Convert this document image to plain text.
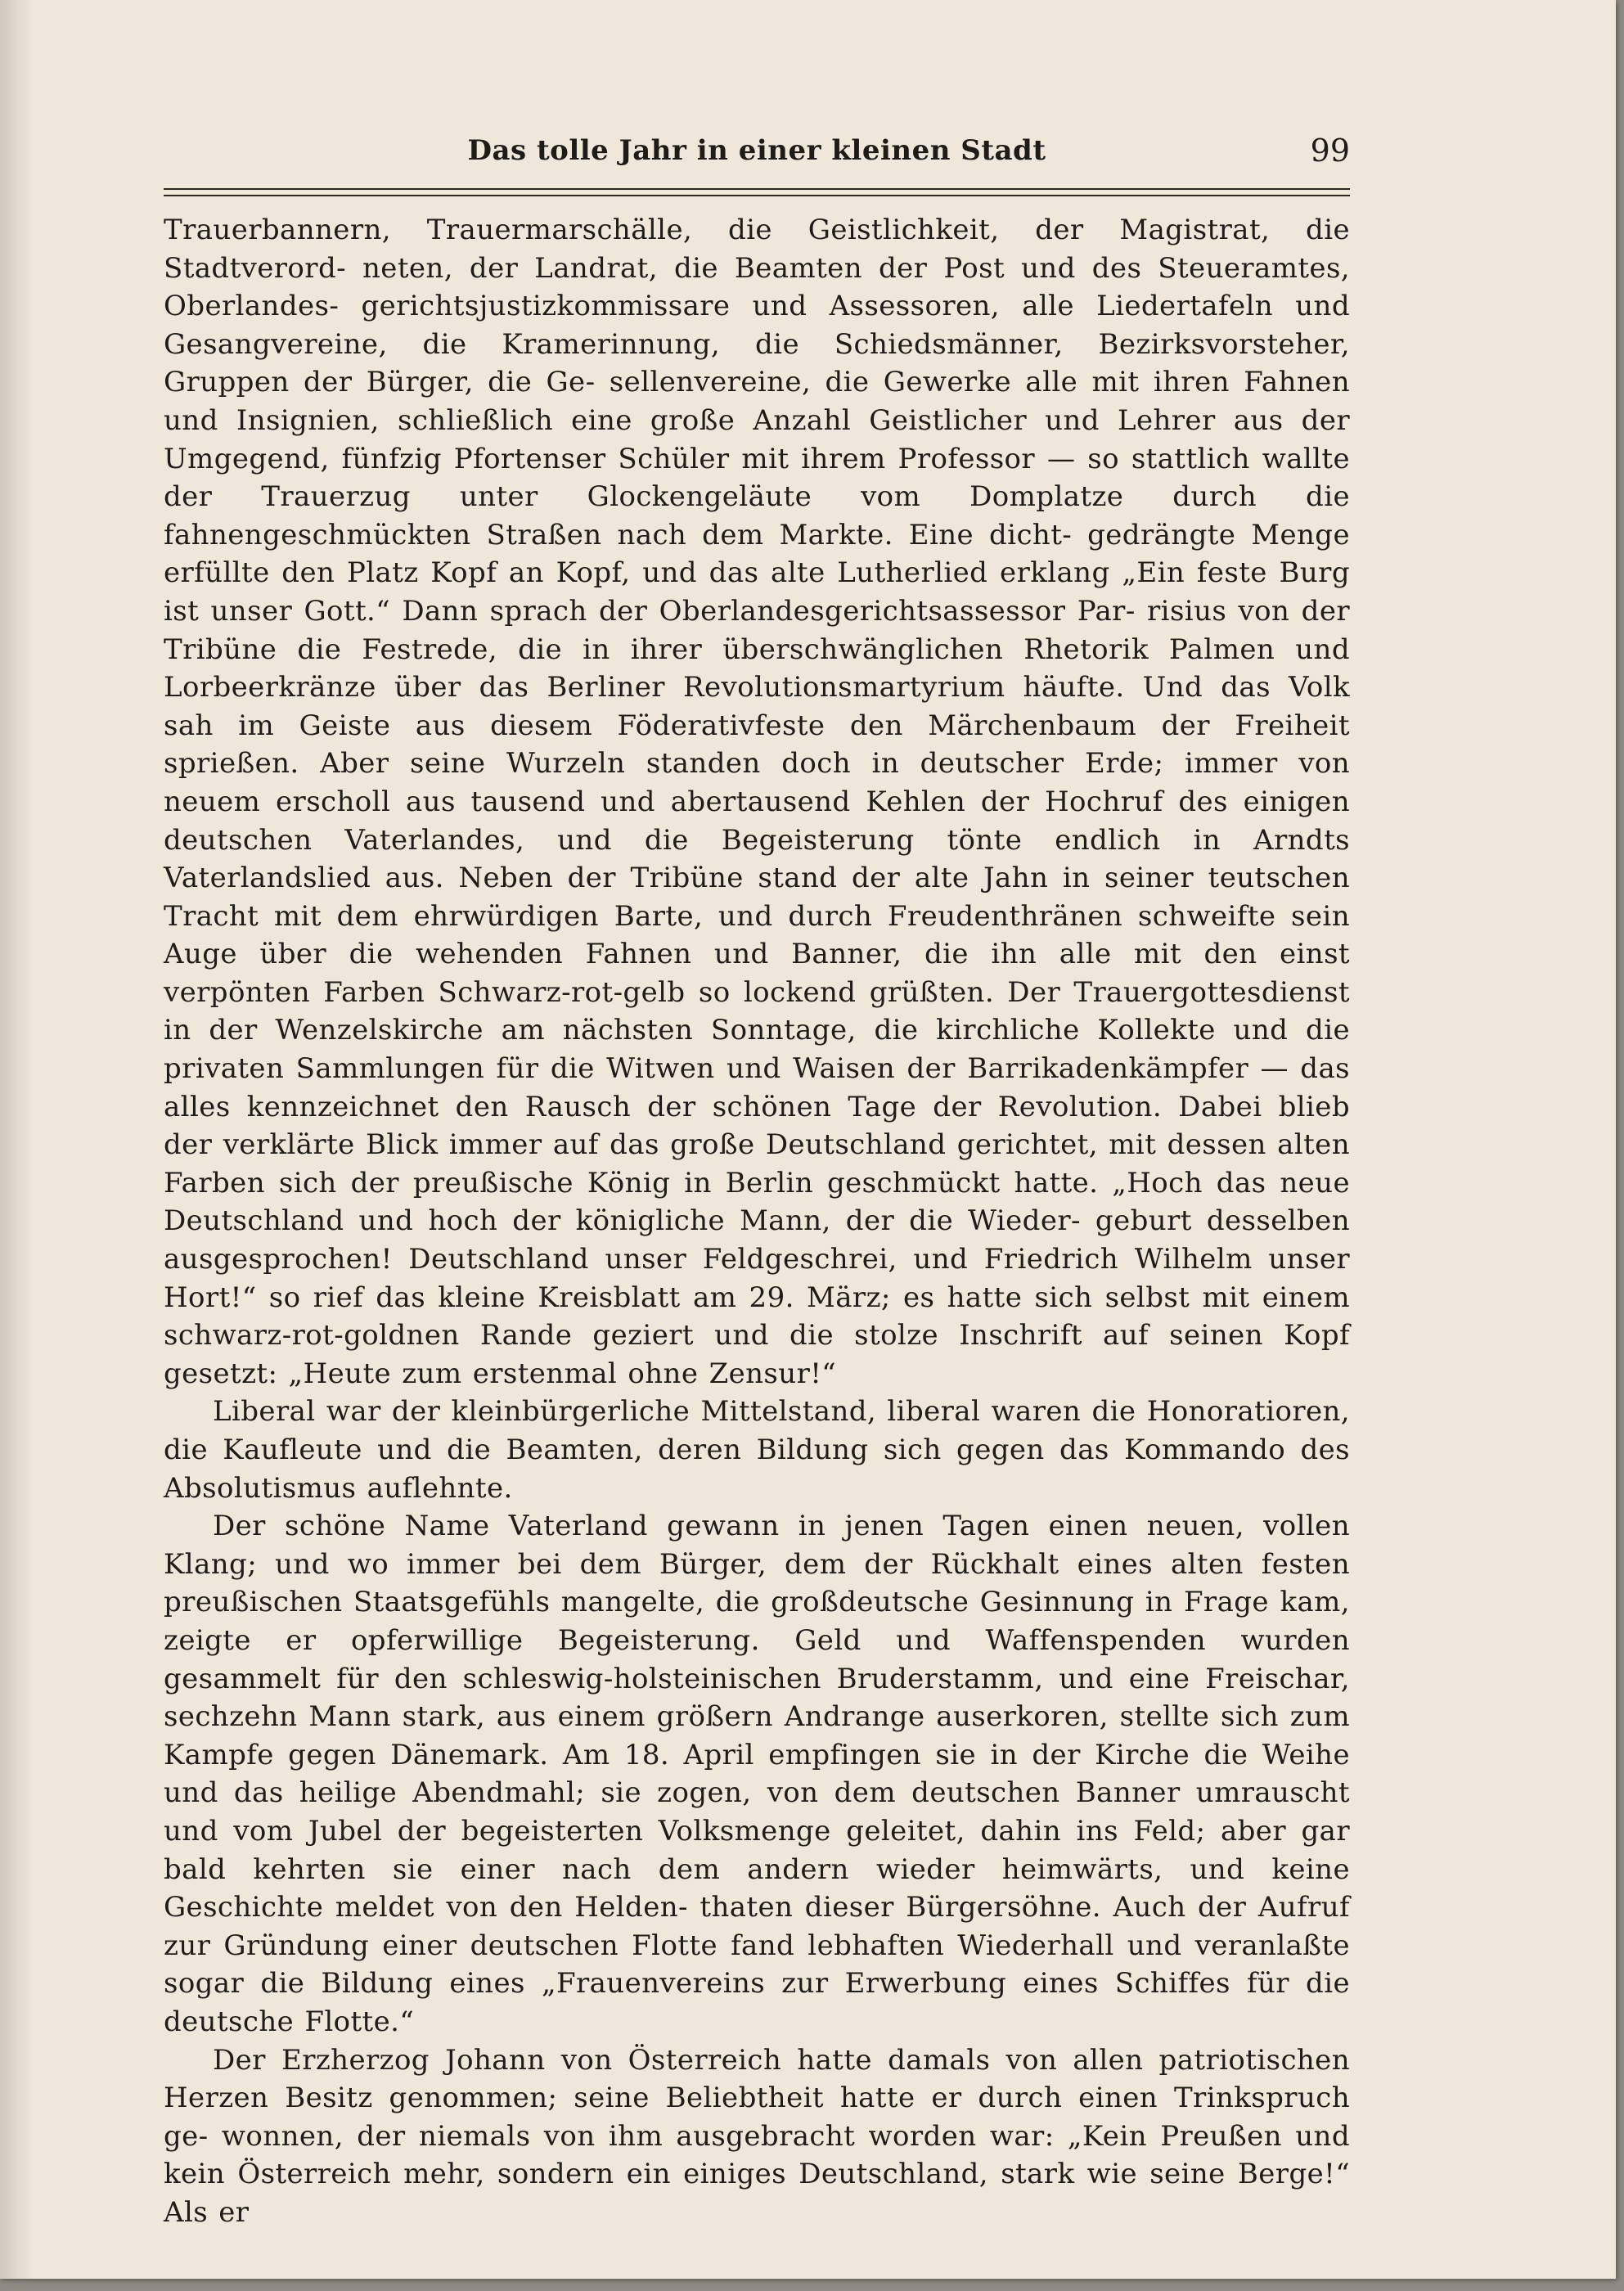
Das tolle Jahr in einer kleinen Stadt	99

Trauerbannern, Trauermarschälle, die Geistlichkeit, der Magistrat, die Stadtverord- neten, der Landrat, die Beamten der Post und des Steueramtes, Oberlandes- gerichtsjustizkommissare und Assessoren, alle Liedertafeln und Gesangvereine, die Kramerinnung, die Schiedsmänner, Bezirksvorsteher, Gruppen der Bürger, die Ge- sellenvereine, die Gewerke alle mit ihren Fahnen und Insignien, schließlich eine große Anzahl Geistlicher und Lehrer aus der Umgegend, fünfzig Pfortenser Schüler mit ihrem Professor — so stattlich wallte der Trauerzug unter Glockengeläute vom Domplatze durch die fahnengeschmückten Straßen nach dem Markte. Eine dicht- gedrängte Menge erfüllte den Platz Kopf an Kopf, und das alte Lutherlied erklang „Ein feste Burg ist unser Gott.“ Dann sprach der Oberlandesgerichtsassessor Par- risius von der Tribüne die Festrede, die in ihrer überschwänglichen Rhetorik Palmen und Lorbeerkränze über das Berliner Revolutionsmartyrium häufte. Und das Volk sah im Geiste aus diesem Föderativfeste den Märchenbaum der Freiheit sprießen. Aber seine Wurzeln standen doch in deutscher Erde; immer von neuem erscholl aus tausend und abertausend Kehlen der Hochruf des einigen deutschen Vaterlandes, und die Begeisterung tönte endlich in Arndts Vaterlandslied aus. Neben der Tribüne stand der alte Jahn in seiner teutschen Tracht mit dem ehrwürdigen Barte, und durch Freudenthränen schweifte sein Auge über die wehenden Fahnen und Banner, die ihn alle mit den einst verpönten Farben Schwarz-rot-gelb so lockend grüßten. Der Trauergottesdienst in der Wenzelskirche am nächsten Sonntage, die kirchliche Kollekte und die privaten Sammlungen für die Witwen und Waisen der Barrikadenkämpfer — das alles kennzeichnet den Rausch der schönen Tage der Revolution. Dabei blieb der verklärte Blick immer auf das große Deutschland gerichtet, mit dessen alten Farben sich der preußische König in Berlin geschmückt hatte. „Hoch das neue Deutschland und hoch der königliche Mann, der die Wieder- geburt desselben ausgesprochen! Deutschland unser Feldgeschrei, und Friedrich Wilhelm unser Hort!“ so rief das kleine Kreisblatt am 29. März; es hatte sich selbst mit einem schwarz-rot-goldnen Rande geziert und die stolze Inschrift auf seinen Kopf gesetzt: „Heute zum erstenmal ohne Zensur!“

Liberal war der kleinbürgerliche Mittelstand, liberal waren die Honoratioren, die Kaufleute und die Beamten, deren Bildung sich gegen das Kommando des Absolutismus auflehnte.

Der schöne Name Vaterland gewann in jenen Tagen einen neuen, vollen Klang; und wo immer bei dem Bürger, dem der Rückhalt eines alten festen preußischen Staatsgefühls mangelte, die großdeutsche Gesinnung in Frage kam, zeigte er opferwillige Begeisterung. Geld und Waffenspenden wurden gesammelt für den schleswig-holsteinischen Bruderstamm, und eine Freischar, sechzehn Mann stark, aus einem größern Andrange auserkoren, stellte sich zum Kampfe gegen Dänemark. Am 18. April empfingen sie in der Kirche die Weihe und das heilige Abendmahl; sie zogen, von dem deutschen Banner umrauscht und vom Jubel der begeisterten Volksmenge geleitet, dahin ins Feld; aber gar bald kehrten sie einer nach dem andern wieder heimwärts, und keine Geschichte meldet von den Helden- thaten dieser Bürgersöhne. Auch der Aufruf zur Gründung einer deutschen Flotte fand lebhaften Wiederhall und veranlaßte sogar die Bildung eines „Frauenvereins zur Erwerbung eines Schiffes für die deutsche Flotte.“

Der Erzherzog Johann von Österreich hatte damals von allen patriotischen Herzen Besitz genommen; seine Beliebtheit hatte er durch einen Trinkspruch ge- wonnen, der niemals von ihm ausgebracht worden war: „Kein Preußen und kein Österreich mehr, sondern ein einiges Deutschland, stark wie seine Berge!“ Als er
